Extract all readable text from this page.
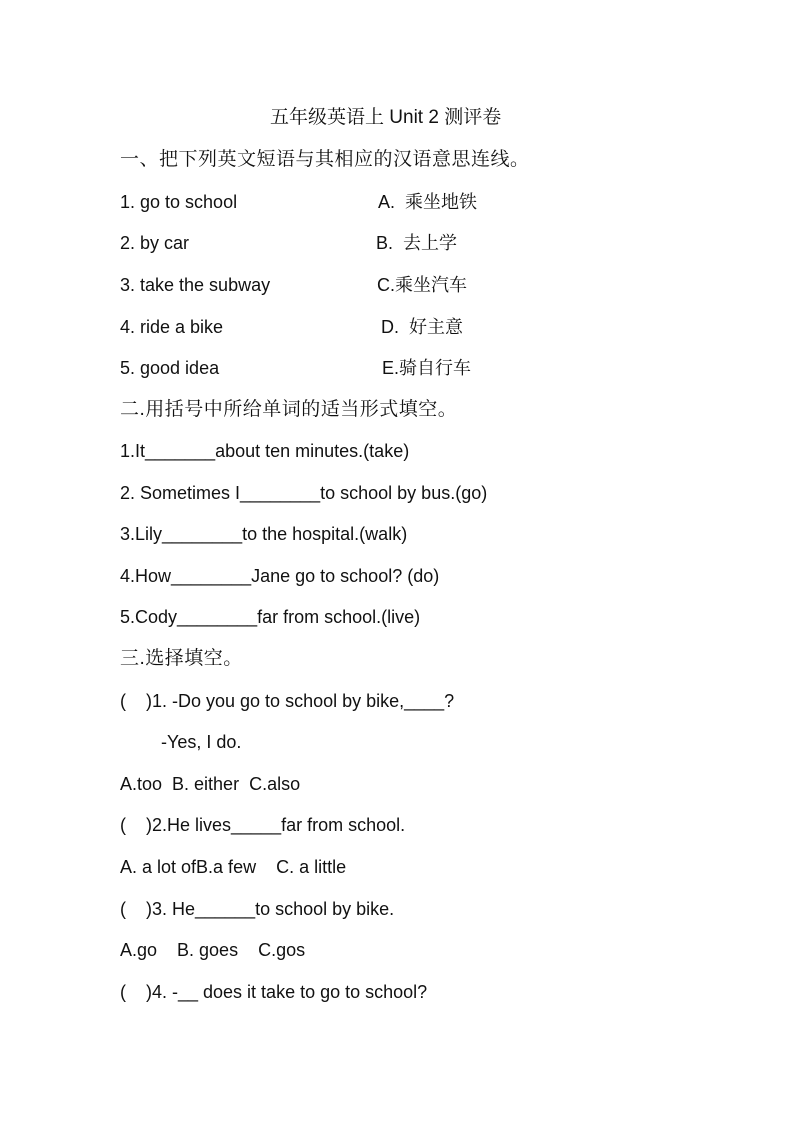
五年级英语上 Unit 2 测评卷
一、把下列英文短语与其相应的汉语意思连线。
1. go to school	A.  乘坐地铁
2. by car	B.  去上学
3. take the subway	C.乘坐汽车
4. ride a bike	D.  好主意
5. good idea	E.骑自行车
二.用括号中所给单词的适当形式填空。
1.It_______about ten minutes.(take)
2. Sometimes I________to school by bus.(go)
3.Lily________to the hospital.(walk)
4.How________Jane go to school? (do)
5.Cody________far from school.(live)
三.选择填空。
(    )1. -Do you go to school by bike,____?
-Yes, I do.
A.too  B. either  C.also
(    )2.He lives_____far from school.
A. a lot ofB.a few    C. a little
(    )3. He______to school by bike.
A.go    B. goes    C.gos
(    )4. -__ does it take to go to school?
